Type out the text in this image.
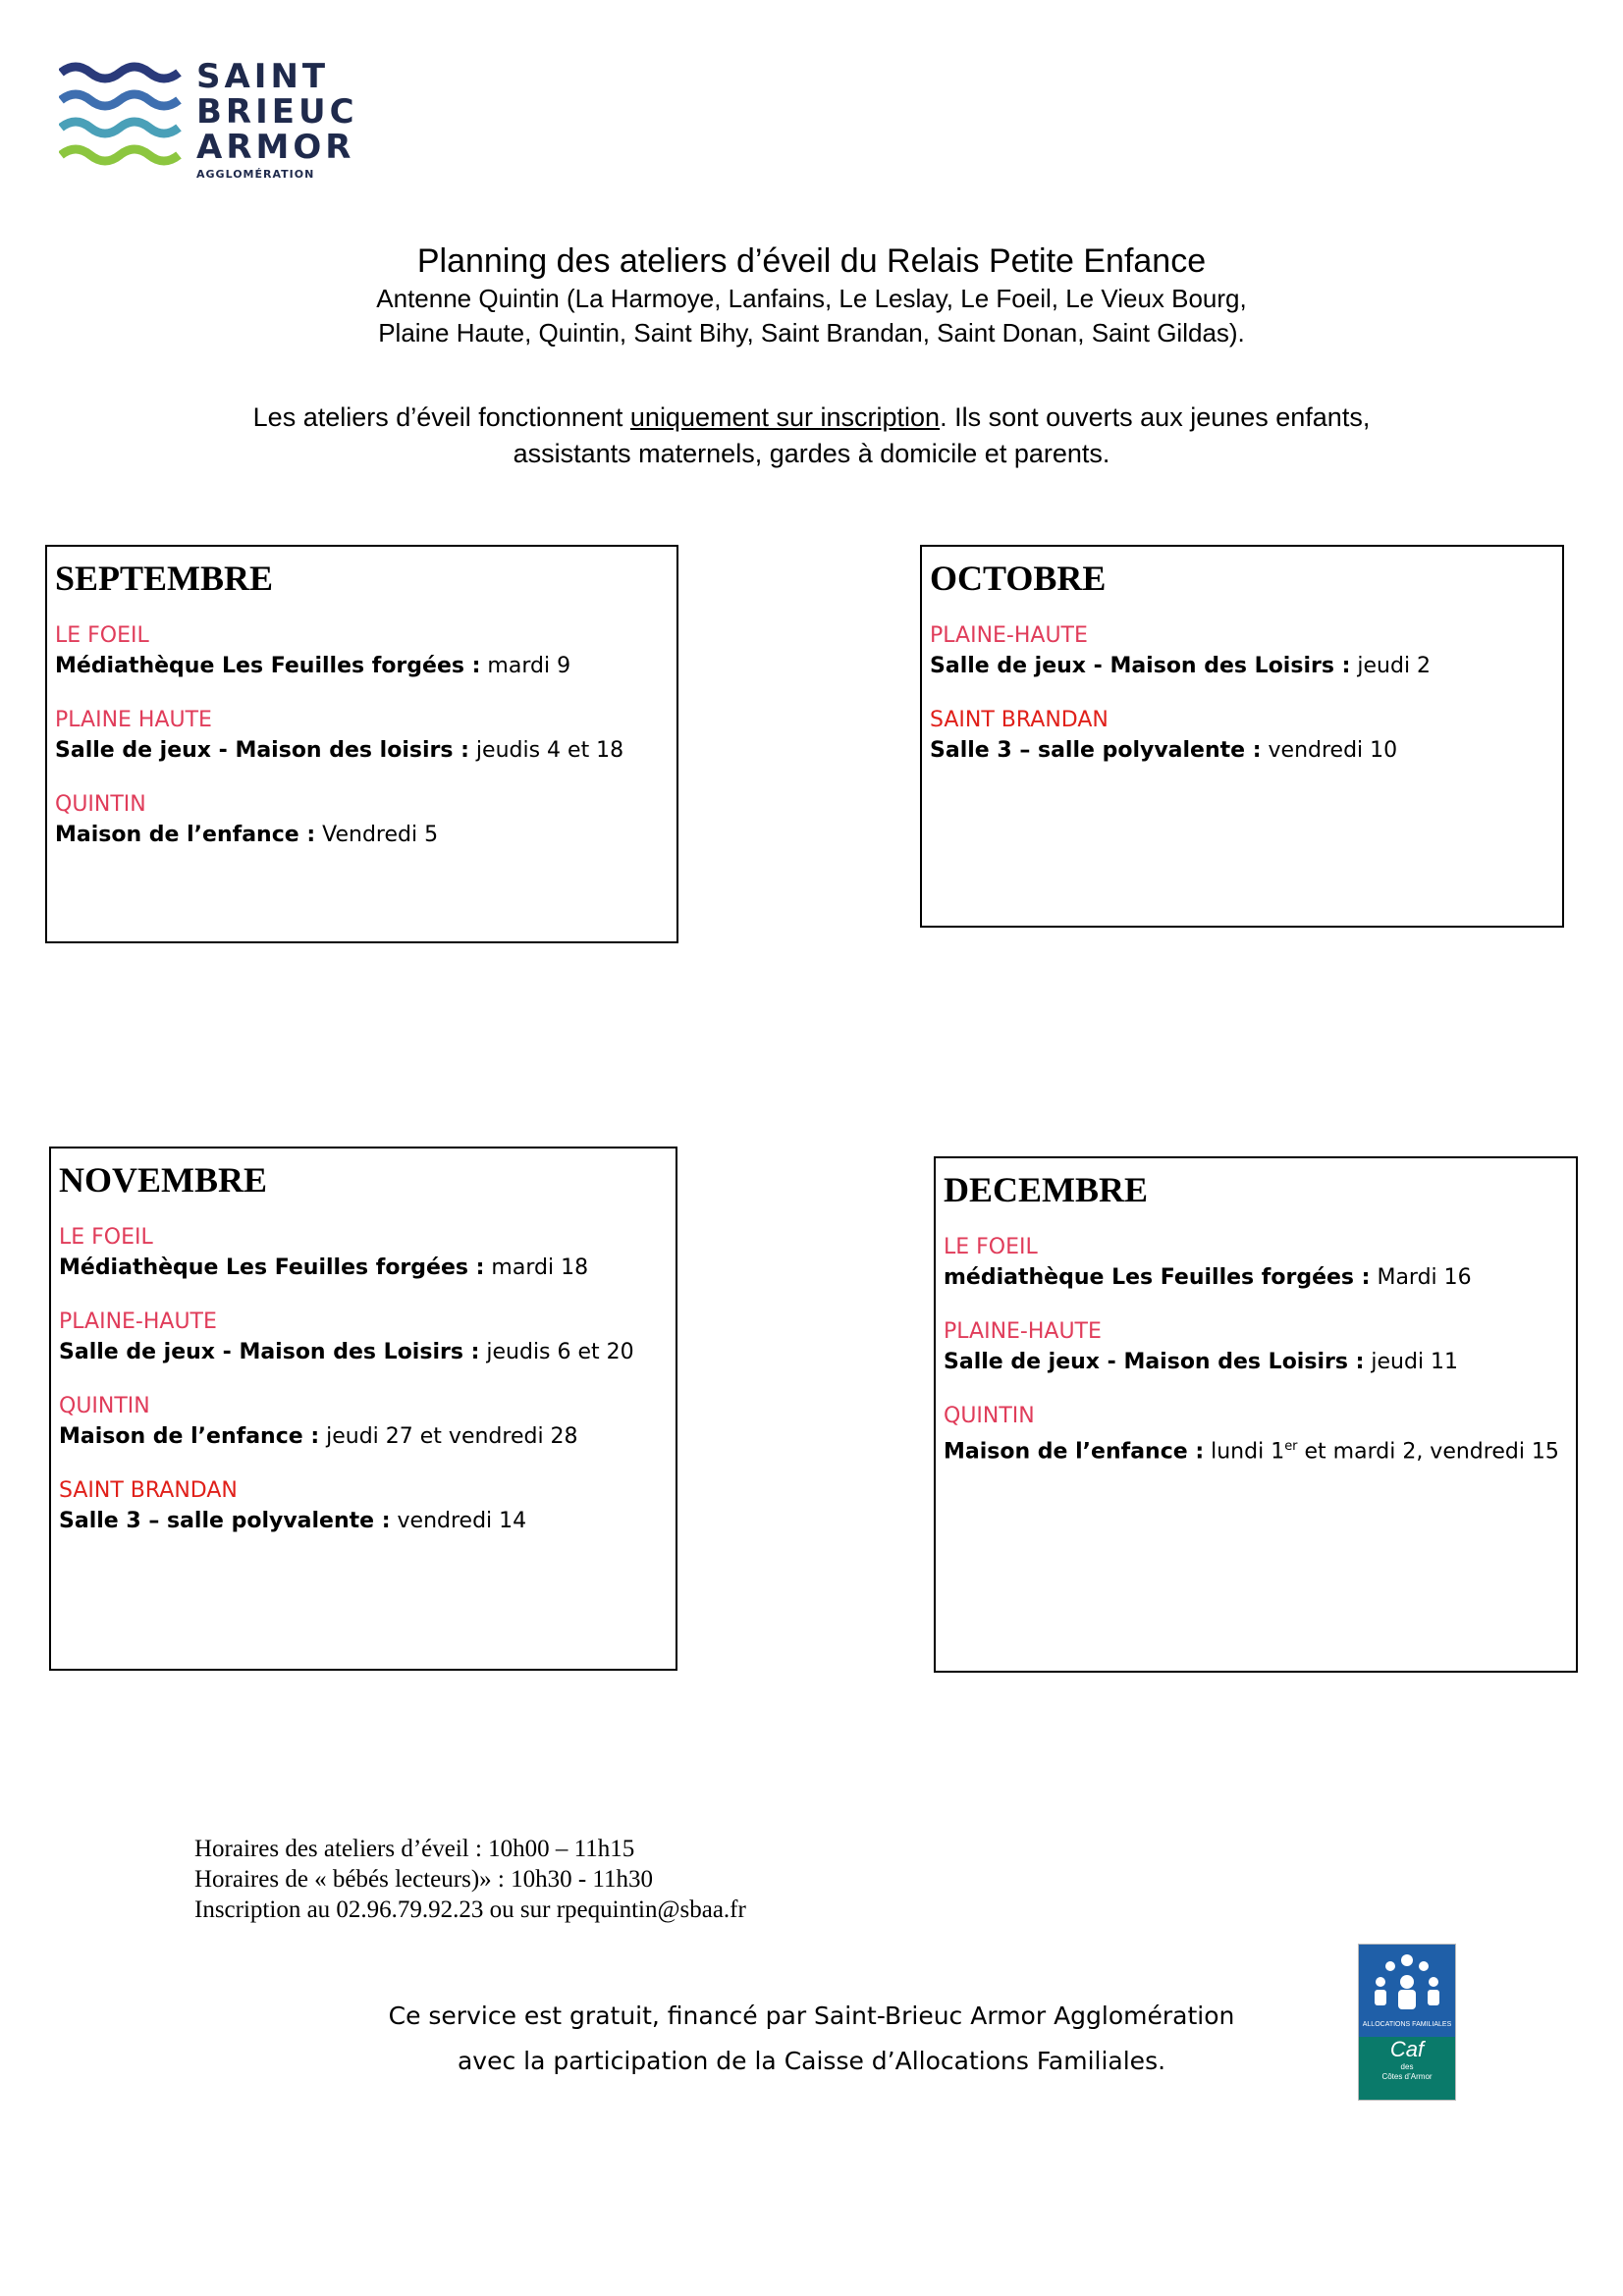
SAINT
BRIEUC
ARMOR
AGGLOMÉRATION
Planning des ateliers d’éveil du Relais Petite Enfance
Antenne Quintin (La Harmoye, Lanfains, Le Leslay, Le Foeil, Le Vieux Bourg,
Plaine Haute, Quintin, Saint Bihy, Saint Brandan, Saint Donan, Saint Gildas).
Les ateliers d’éveil fonctionnent uniquement sur inscription. Ils sont ouverts aux jeunes enfants,
assistants maternels, gardes à domicile et parents.
SEPTEMBRE
LE FOEIL
Médiathèque Les Feuilles forgées : mardi 9
PLAINE HAUTE
Salle de jeux - Maison des loisirs : jeudis 4 et 18
QUINTIN
Maison de l’enfance : Vendredi 5
OCTOBRE
PLAINE-HAUTE
Salle de jeux - Maison des Loisirs : jeudi 2
SAINT BRANDAN
Salle 3 – salle polyvalente : vendredi 10
NOVEMBRE
LE FOEIL
Médiathèque Les Feuilles forgées : mardi 18
PLAINE-HAUTE
Salle de jeux - Maison des Loisirs : jeudis 6 et 20
QUINTIN
Maison de l’enfance : jeudi 27 et vendredi 28
SAINT BRANDAN
Salle 3 – salle polyvalente : vendredi 14
DECEMBRE
LE FOEIL
médiathèque Les Feuilles forgées : Mardi 16
PLAINE-HAUTE
Salle de jeux - Maison des Loisirs : jeudi 11
QUINTIN
Maison de l’enfance : lundi 1er et mardi 2, vendredi 15
Horaires des ateliers d’éveil : 10h00 – 11h15
Horaires de « bébés lecteurs)» : 10h30 - 11h30
Inscription au 02.96.79.92.23 ou sur rpequintin@sbaa.fr
Ce service est gratuit, financé par Saint-Brieuc Armor Agglomération
avec la participation de la Caisse d’Allocations Familiales.
ALLOCATIONS FAMILIALES
Caf
des
Côtes d’Armor
